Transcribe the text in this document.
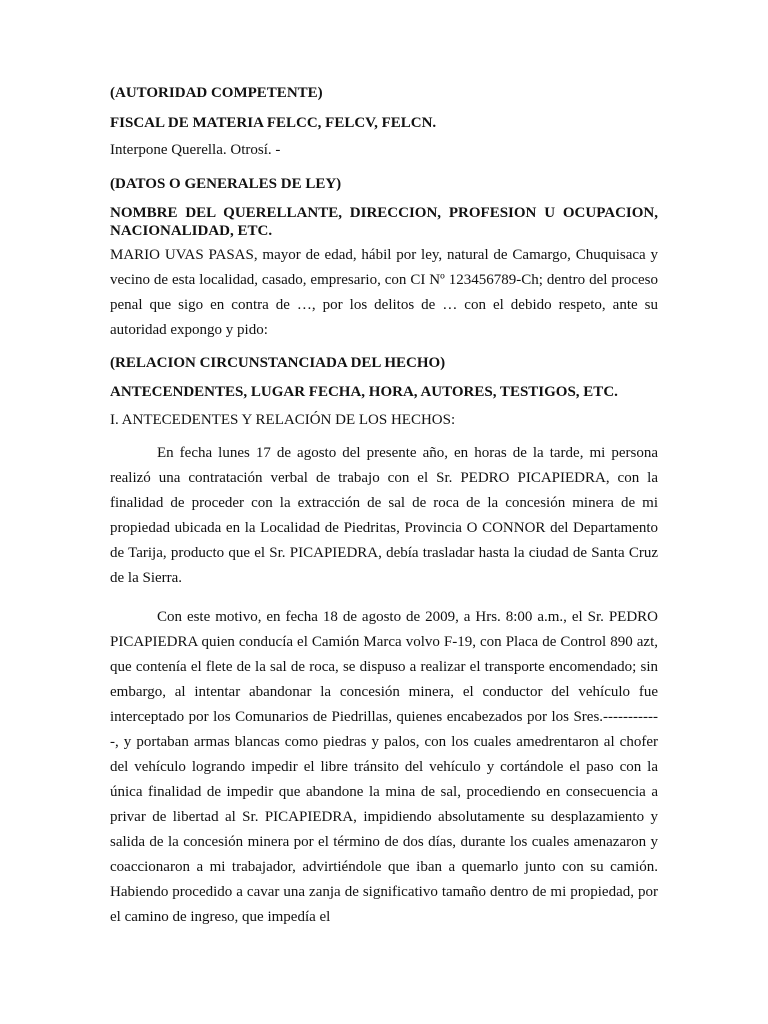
(AUTORIDAD COMPETENTE)

FISCAL DE MATERIA FELCC, FELCV, FELCN.

Interpone Querella. Otrosí. -

(DATOS O GENERALES DE LEY)

NOMBRE DEL QUERELLANTE, DIRECCION, PROFESION U OCUPACION, NACIONALIDAD, ETC.

MARIO UVAS PASAS, mayor de edad, hábil por ley, natural de Camargo, Chuquisaca y vecino de esta localidad, casado, empresario, con CI Nº 123456789-Ch; dentro del proceso penal que sigo en contra de …, por los delitos de … con el debido respeto, ante su autoridad expongo y pido:

(RELACION CIRCUNSTANCIADA DEL HECHO)

ANTECENDENTES, LUGAR FECHA, HORA, AUTORES, TESTIGOS, ETC.

I. ANTECEDENTES Y RELACIÓN DE LOS HECHOS:

En fecha lunes 17 de agosto del presente año, en horas de la tarde, mi persona realizó una contratación verbal de trabajo con el Sr. PEDRO PICAPIEDRA, con la finalidad de proceder con la extracción de sal de roca de la concesión minera de mi propiedad ubicada en la Localidad de Piedritas, Provincia O CONNOR del Departamento de Tarija, producto que el Sr. PICAPIEDRA, debía trasladar hasta la ciudad de Santa Cruz de la Sierra.

Con este motivo, en fecha 18 de agosto de 2009, a Hrs. 8:00 a.m., el Sr. PEDRO PICAPIEDRA quien conducía el Camión Marca volvo F-19, con Placa de Control 890 azt, que contenía el flete de la sal de roca, se dispuso a realizar el transporte encomendado; sin embargo, al intentar abandonar la concesión minera, el conductor del vehículo fue interceptado por los Comunarios de Piedrillas, quienes encabezados por los Sres.------------, y portaban armas blancas como piedras y palos, con los cuales amedrentaron al chofer del vehículo logrando impedir el libre tránsito del vehículo y cortándole el paso con la única finalidad de impedir que abandone la mina de sal, procediendo en consecuencia a privar de libertad al Sr. PICAPIEDRA, impidiendo absolutamente su desplazamiento y salida de la concesión minera por el término de dos días, durante los cuales amenazaron y coaccionaron a mi trabajador, advirtiéndole que iban a quemarlo junto con su camión. Habiendo procedido a cavar una zanja de significativo tamaño dentro de mi propiedad, por el camino de ingreso, que impedía el
